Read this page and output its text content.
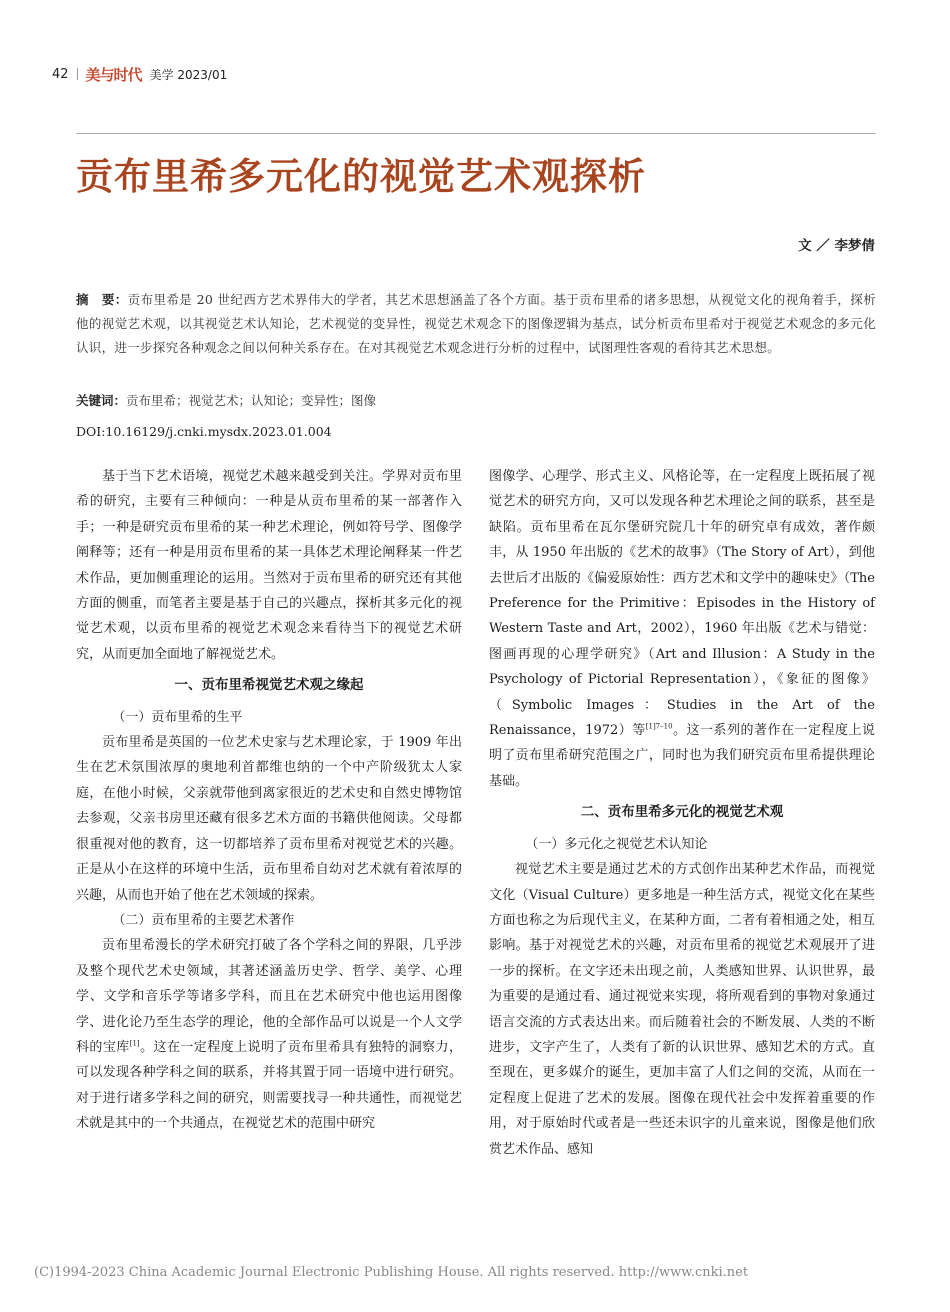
42 美与时代 美学 2023/01
贡布里希多元化的视觉艺术观探析
文 ／ 李梦倩

摘　要：贡布里希是 20 世纪西方艺术界伟大的学者，其艺术思想涵盖了各个方面。基于贡布里希的诸多思想，从视觉文化的视角着手，探析他的视觉艺术观，以其视觉艺术认知论，艺术视觉的变异性，视觉艺术观念下的图像逻辑为基点，试分析贡布里希对于视觉艺术观念的多元化认识，进一步探究各种观念之间以何种关系存在。在对其视觉艺术观念进行分析的过程中，试图理性客观的看待其艺术思想。

关键词：贡布里希；视觉艺术；认知论；变异性；图像

DOI:10.16129/j.cnki.mysdx.2023.01.004

基于当下艺术语境，视觉艺术越来越受到关注。学界对贡布里希的研究，主要有三种倾向：一种是从贡布里希的某一部著作入手；一种是研究贡布里希的某一种艺术理论，例如符号学、图像学阐释等；还有一种是用贡布里希的某一具体艺术理论阐释某一件艺术作品，更加侧重理论的运用。当然对于贡布里希的研究还有其他方面的侧重，而笔者主要是基于自己的兴趣点，探析其多元化的视觉艺术观，以贡布里希的视觉艺术观念来看待当下的视觉艺术研究，从而更加全面地了解视觉艺术。

一、贡布里希视觉艺术观之缘起
（一）贡布里希的生平

贡布里希是英国的一位艺术史家与艺术理论家，于 1909 年出生在艺术氛围浓厚的奥地利首都维也纳的一个中产阶级犹太人家庭，在他小时候，父亲就带他到离家很近的艺术史和自然史博物馆去参观，父亲书房里还藏有很多艺术方面的书籍供他阅读。父母都很重视对他的教育，这一切都培养了贡布里希对视觉艺术的兴趣。正是从小在这样的环境中生活，贡布里希自幼对艺术就有着浓厚的兴趣，从而也开始了他在艺术领域的探索。

（二）贡布里希的主要艺术著作

贡布里希漫长的学术研究打破了各个学科之间的界限，几乎涉及整个现代艺术史领域，其著述涵盖历史学、哲学、美学、心理学、文学和音乐学等诸多学科，而且在艺术研究中他也运用图像学、进化论乃至生态学的理论，他的全部作品可以说是一个人文学科的宝库[1]。这在一定程度上说明了贡布里希具有独特的洞察力，可以发现各种学科之间的联系，并将其置于同一语境中进行研究。对于进行诸多学科之间的研究，则需要找寻一种共通性，而视觉艺术就是其中的一个共通点，在视觉艺术的范围中研究

图像学、心理学、形式主义、风格论等，在一定程度上既拓展了视觉艺术的研究方向，又可以发现各种艺术理论之间的联系，甚至是缺陷。贡布里希在瓦尔堡研究院几十年的研究卓有成效，著作颇丰，从 1950 年出版的《艺术的故事》（The Story of Art），到他去世后才出版的《偏爱原始性：西方艺术和文学中的趣味史》（The Preference for the Primitive：Episodes in the History of Western Taste and Art，2002），1960 年出版《艺术与错觉：图画再现的心理学研究》（Art and Illusion：A Study in the Psychology of Pictorial Representation），《象征的图像》（Symbolic Images：Studies in the Art of the Renaissance，1972）等$^{[1]7-10}$。这一系列的著作在一定程度上说明了贡布里希研究范围之广，同时也为我们研究贡布里希提供理论基础。

二、贡布里希多元化的视觉艺术观
（一）多元化之视觉艺术认知论

视觉艺术主要是通过艺术的方式创作出某种艺术作品，而视觉文化（Visual Culture）更多地是一种生活方式，视觉文化在某些方面也称之为后现代主义，在某种方面，二者有着相通之处，相互影响。基于对视觉艺术的兴趣，对贡布里希的视觉艺术观展开了进一步的探析。在文字还未出现之前，人类感知世界、认识世界，最为重要的是通过看、通过视觉来实现，将所观看到的事物对象通过语言交流的方式表达出来。而后随着社会的不断发展、人类的不断进步，文字产生了，人类有了新的认识世界、感知艺术的方式。直至现在，更多媒介的诞生，更加丰富了人们之间的交流，从而在一定程度上促进了艺术的发展。图像在现代社会中发挥着重要的作用，对于原始时代或者是一些还未识字的儿童来说，图像是他们欣赏艺术作品、感知

(C)1994-2023 China Academic Journal Electronic Publishing House. All rights reserved. http://www.cnki.net
